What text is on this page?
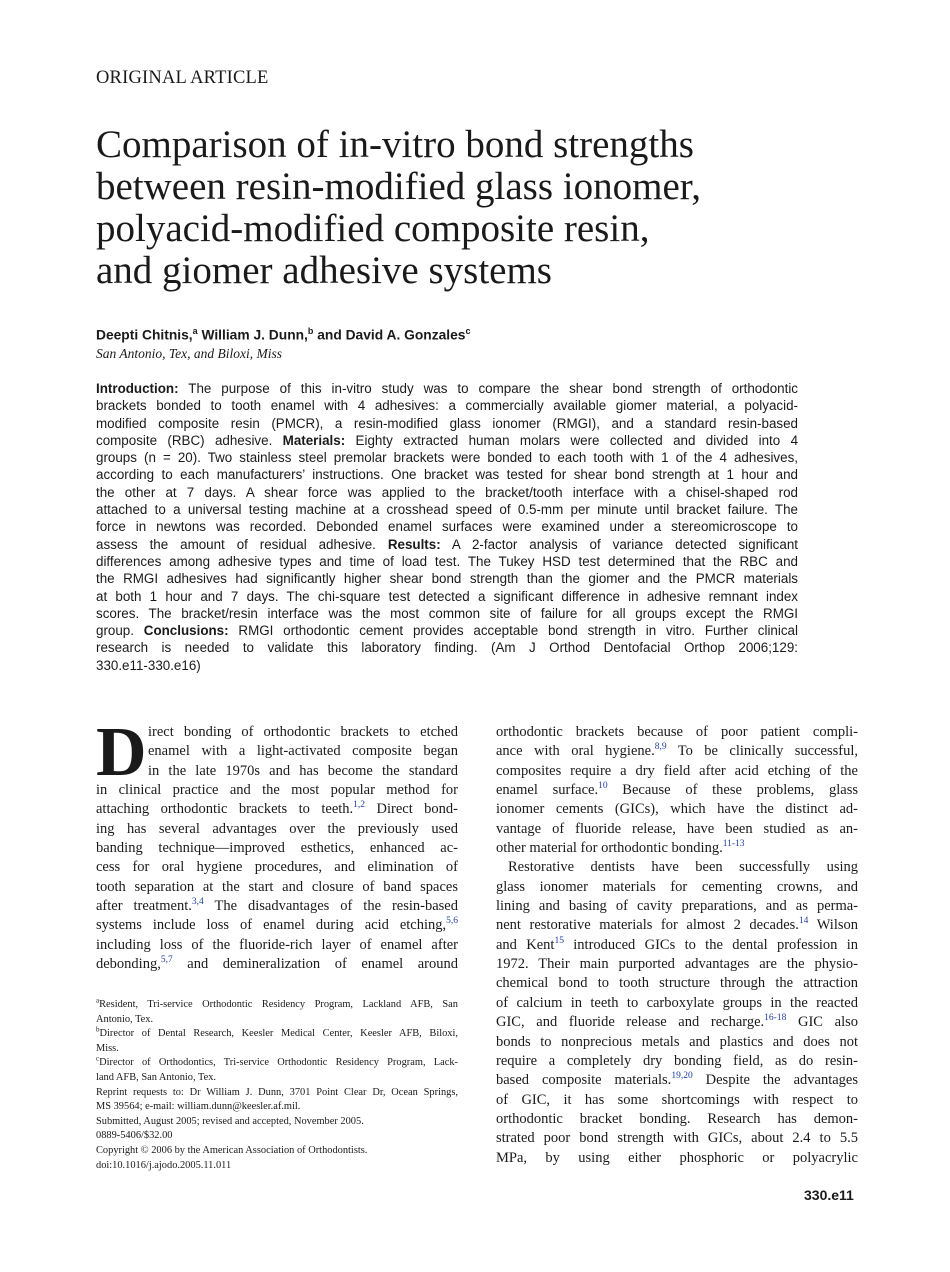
ORIGINAL ARTICLE
Comparison of in-vitro bond strengths
between resin-modified glass ionomer,
polyacid-modified composite resin,
and giomer adhesive systems
Deepti Chitnis,$^a$ William J. Dunn,$^b$ and David A. Gonzales$^c$
San Antonio, Tex, and Biloxi, Miss
Introduction: The purpose of this in-vitro study was to compare the shear bond strength of orthodontic
brackets bonded to tooth enamel with 4 adhesives: a commercially available giomer material, a polyacid-
modified composite resin (PMCR), a resin-modified glass ionomer (RMGI), and a standard resin-based
composite (RBC) adhesive. Materials: Eighty extracted human molars were collected and divided into 4
groups (n = 20). Two stainless steel premolar brackets were bonded to each tooth with 1 of the 4 adhesives,
according to each manufacturers’ instructions. One bracket was tested for shear bond strength at 1 hour and
the other at 7 days. A shear force was applied to the bracket/tooth interface with a chisel-shaped rod
attached to a universal testing machine at a crosshead speed of 0.5-mm per minute until bracket failure. The
force in newtons was recorded. Debonded enamel surfaces were examined under a stereomicroscope to
assess the amount of residual adhesive. Results: A 2-factor analysis of variance detected significant
differences among adhesive types and time of load test. The Tukey HSD test determined that the RBC and
the RMGI adhesives had significantly higher shear bond strength than the giomer and the PMCR materials
at both 1 hour and 7 days. The chi-square test detected a significant difference in adhesive remnant index
scores. The bracket/resin interface was the most common site of failure for all groups except the RMGI
group. Conclusions: RMGI orthodontic cement provides acceptable bond strength in vitro. Further clinical
research is needed to validate this laboratory finding. (Am J Orthod Dentofacial Orthop 2006;129:
330.e11-330.e16)
D irect bonding of orthodontic brackets to etched
enamel with a light-activated composite began
in the late 1970s and has become the standard
in clinical practice and the most popular method for
attaching orthodontic brackets to teeth.$^{1,2}$ Direct bond-
ing has several advantages over the previously used
banding technique—improved esthetics, enhanced ac-
cess for oral hygiene procedures, and elimination of
tooth separation at the start and closure of band spaces
after treatment.$^{3,4}$ The disadvantages of the resin-based
systems include loss of enamel during acid etching,$^{5,6}$
including loss of the fluoride-rich layer of enamel after
debonding,$^{5,7}$ and demineralization of enamel around
orthodontic brackets because of poor patient compli-
ance with oral hygiene.$^{8,9}$ To be clinically successful,
composites require a dry field after acid etching of the
enamel surface.$^{10}$ Because of these problems, glass
ionomer cements (GICs), which have the distinct ad-
vantage of fluoride release, have been studied as an-
other material for orthodontic bonding.$^{11-13}$
Restorative dentists have been successfully using
glass ionomer materials for cementing crowns, and
lining and basing of cavity preparations, and as perma-
nent restorative materials for almost 2 decades.$^{14}$ Wilson
and Kent$^{15}$ introduced GICs to the dental profession in
1972. Their main purported advantages are the physio-
chemical bond to tooth structure through the attraction
of calcium in teeth to carboxylate groups in the reacted
GIC, and fluoride release and recharge.$^{16-18}$ GIC also
bonds to nonprecious metals and plastics and does not
require a completely dry bonding field, as do resin-
based composite materials.$^{19,20}$ Despite the advantages
of GIC, it has some shortcomings with respect to
orthodontic bracket bonding. Research has demon-
strated poor bond strength with GICs, about 2.4 to 5.5
MPa, by using either phosphoric or polyacrylic
$^a$Resident, Tri-service Orthodontic Residency Program, Lackland AFB, San
Antonio, Tex.
$^b$Director of Dental Research, Keesler Medical Center, Keesler AFB, Biloxi,
Miss.
$^c$Director of Orthodontics, Tri-service Orthodontic Residency Program, Lack-
land AFB, San Antonio, Tex.
Reprint requests to: Dr William J. Dunn, 3701 Point Clear Dr, Ocean Springs,
MS 39564; e-mail: william.dunn@keesler.af.mil.
Submitted, August 2005; revised and accepted, November 2005.
0889-5406/$32.00
Copyright © 2006 by the American Association of Orthodontists.
doi:10.1016/j.ajodo.2005.11.011
330.e11
